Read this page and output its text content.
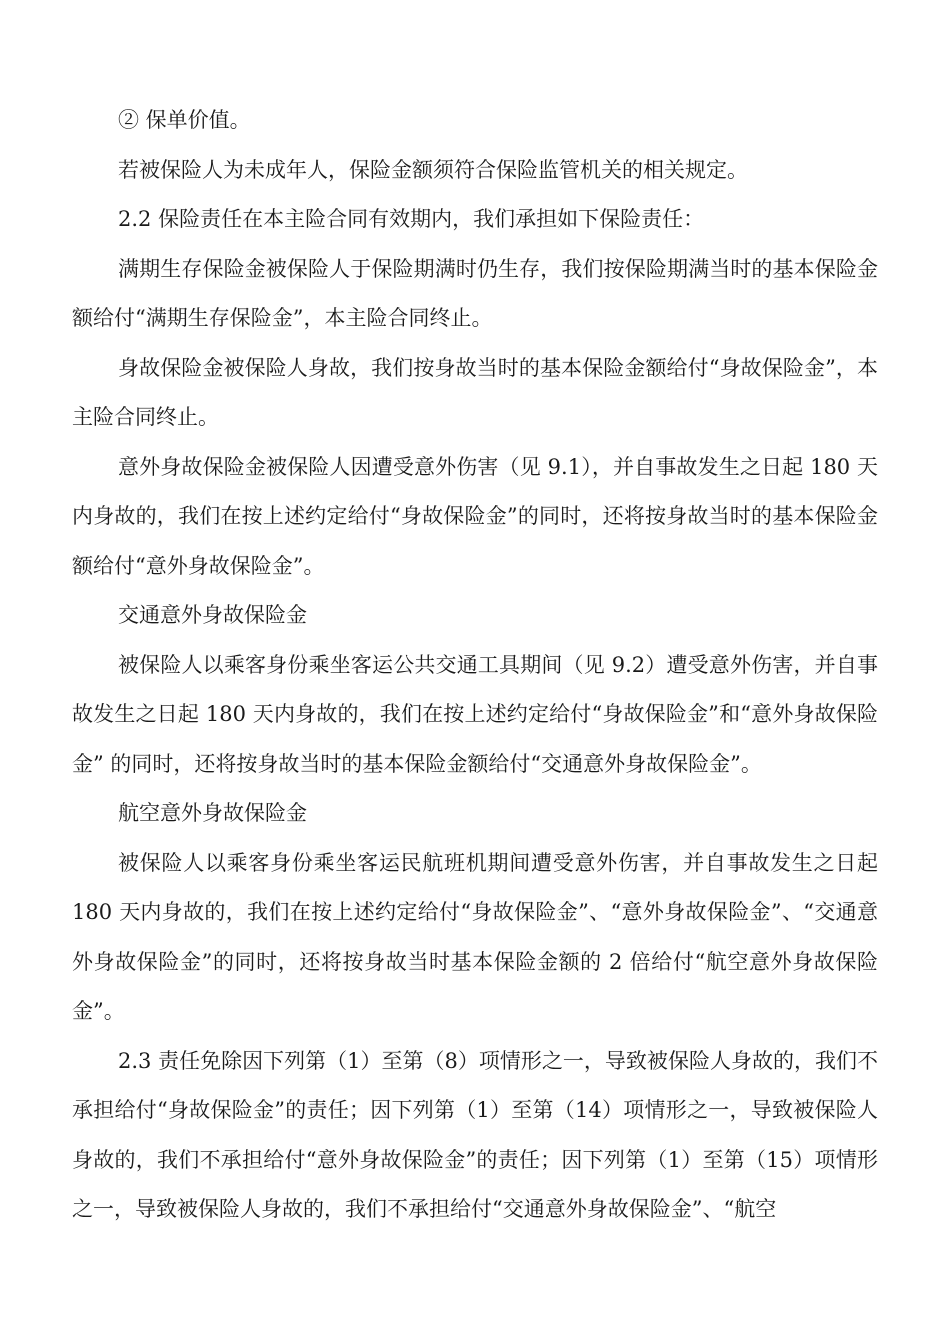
② 保单价值。

若被保险人为未成年人，保险金额须符合保险监管机关的相关规定。

2.2 保险责任在本主险合同有效期内，我们承担如下保险责任：

满期生存保险金被保险人于保险期满时仍生存，我们按保险期满当时的基本保险金额给付“满期生存保险金”，本主险合同终止。

身故保险金被保险人身故，我们按身故当时的基本保险金额给付“身故保险金”，本主险合同终止。

意外身故保险金被保险人因遭受意外伤害（见 9.1），并自事故发生之日起 180 天内身故的，我们在按上述约定给付“身故保险金”的同时，还将按身故当时的基本保险金额给付“意外身故保险金”。

交通意外身故保险金

被保险人以乘客身份乘坐客运公共交通工具期间（见 9.2）遭受意外伤害，并自事故发生之日起 180 天内身故的，我们在按上述约定给付“身故保险金”和“意外身故保险金” 的同时，还将按身故当时的基本保险金额给付“交通意外身故保险金”。

航空意外身故保险金

被保险人以乘客身份乘坐客运民航班机期间遭受意外伤害，并自事故发生之日起 180 天内身故的，我们在按上述约定给付“身故保险金”、“意外身故保险金”、“交通意外身故保险金”的同时，还将按身故当时基本保险金额的 2 倍给付“航空意外身故保险金”。

2.3 责任免除因下列第（1）至第（8）项情形之一，导致被保险人身故的，我们不承担给付“身故保险金”的责任；因下列第（1）至第（14）项情形之一，导致被保险人身故的，我们不承担给付“意外身故保险金”的责任；因下列第（1）至第（15）项情形之一，导致被保险人身故的，我们不承担给付“交通意外身故保险金”、“航空
